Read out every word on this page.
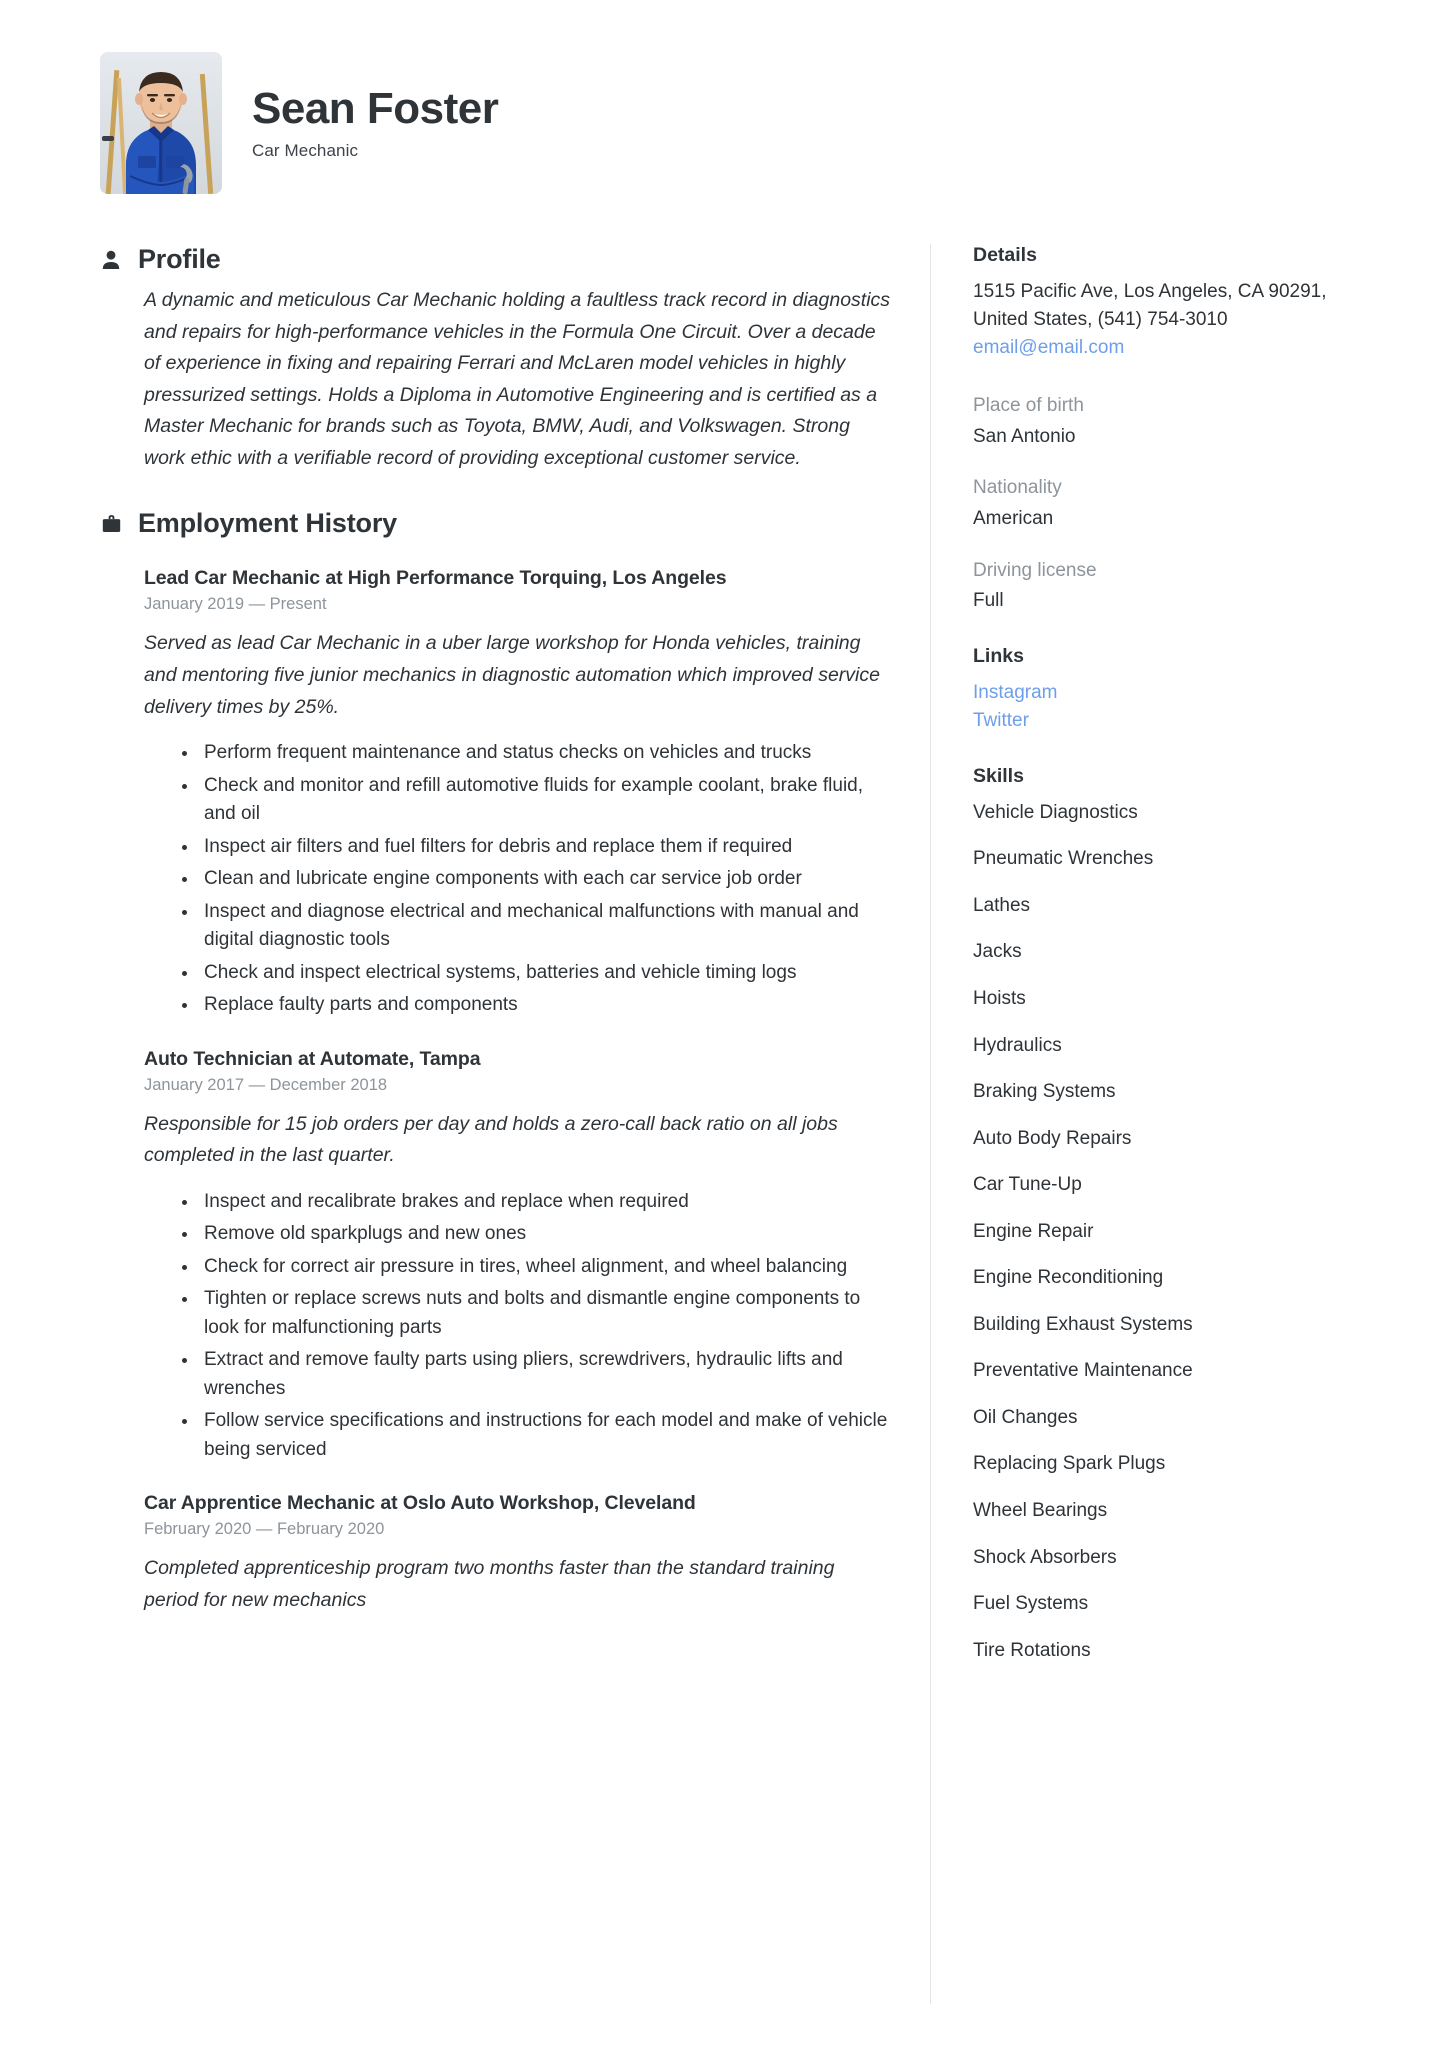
Sean Foster
Car Mechanic
Profile
A dynamic and meticulous Car Mechanic holding a faultless track record in diagnostics and repairs for high-performance vehicles in the Formula One Circuit. Over a decade of experience in fixing and repairing Ferrari and McLaren model vehicles in highly pressurized settings. Holds a Diploma in Automotive Engineering and is certified as a Master Mechanic for brands such as Toyota, BMW, Audi, and Volkswagen. Strong work ethic with a verifiable record of providing exceptional customer service.
Employment History
Lead Car Mechanic at High Performance Torquing, Los Angeles
January 2019 — Present
Served as lead Car Mechanic in a uber large workshop for Honda vehicles, training and mentoring five junior mechanics in diagnostic automation which improved service delivery times by 25%.
Perform frequent maintenance and status checks on vehicles and trucks
Check and monitor and refill automotive fluids for example coolant, brake fluid, and oil
Inspect air filters and fuel filters for debris and replace them if required
Clean and lubricate engine components with each car service job order
Inspect and diagnose electrical and mechanical malfunctions with manual and digital diagnostic tools
Check and inspect electrical systems, batteries and vehicle timing logs
Replace faulty parts and components
Auto Technician at Automate, Tampa
January 2017 — December 2018
Responsible for 15 job orders per day and holds a zero-call back ratio on all jobs completed in the last quarter.
Inspect and recalibrate brakes and replace when required
Remove old sparkplugs and new ones
Check for correct air pressure in tires, wheel alignment, and wheel balancing
Tighten or replace screws nuts and bolts and dismantle engine components to look for malfunctioning parts
Extract and remove faulty parts using pliers, screwdrivers, hydraulic lifts and wrenches
Follow service specifications and instructions for each model and make of vehicle being serviced
Car Apprentice Mechanic at Oslo Auto Workshop, Cleveland
February 2020 — February 2020
Completed apprenticeship program two months faster than the standard training period for new mechanics
Details
1515 Pacific Ave, Los Angeles, CA 90291, United States, (541) 754-3010
email@email.com
Place of birth
San Antonio
Nationality
American
Driving license
Full
Links
Instagram
Twitter
Skills
Vehicle Diagnostics
Pneumatic Wrenches
Lathes
Jacks
Hoists
Hydraulics
Braking Systems
Auto Body Repairs
Car Tune-Up
Engine Repair
Engine Reconditioning
Building Exhaust Systems
Preventative Maintenance
Oil Changes
Replacing Spark Plugs
Wheel Bearings
Shock Absorbers
Fuel Systems
Tire Rotations
